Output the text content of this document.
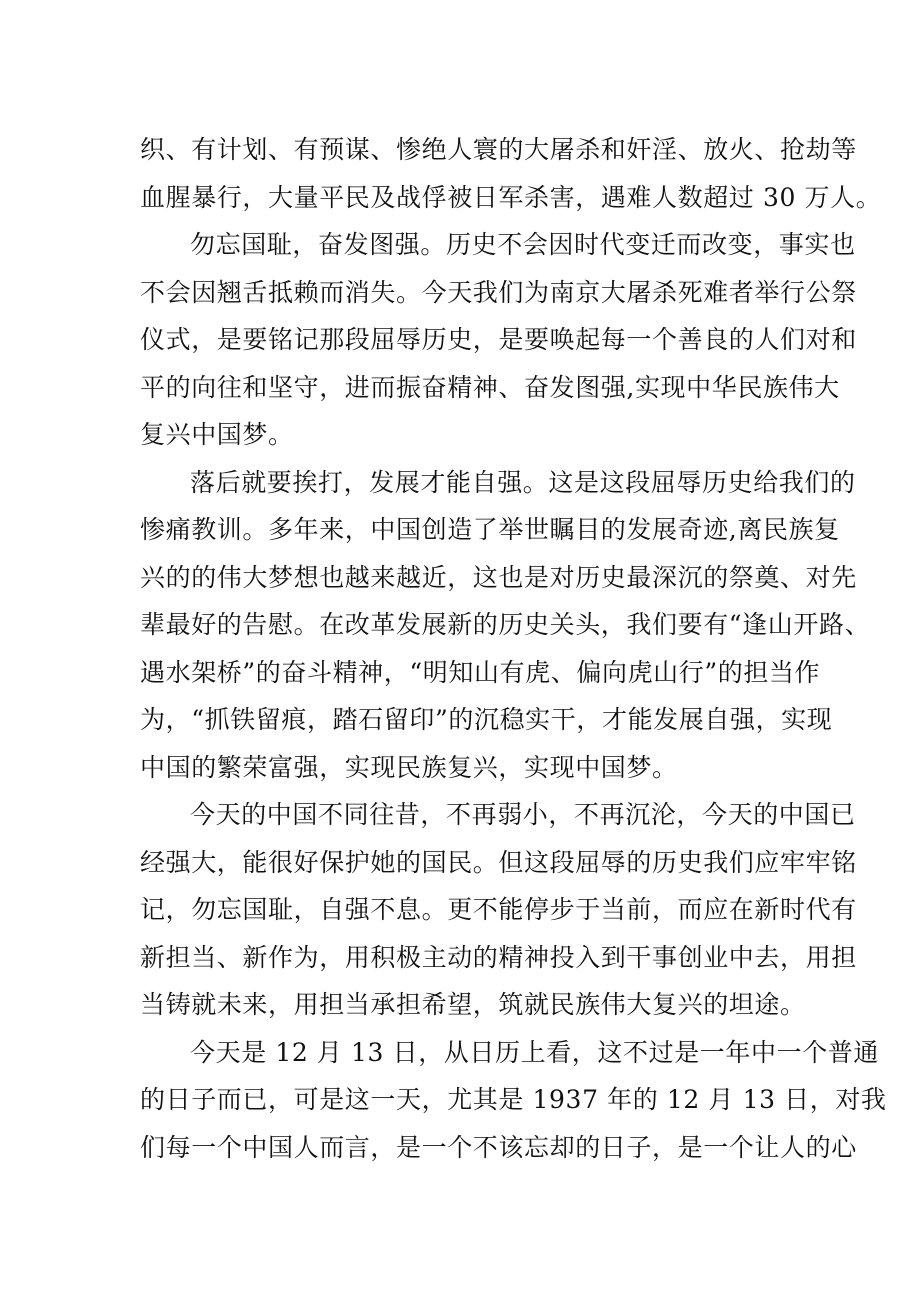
织、有计划、有预谋、惨绝人寰的大屠杀和奸淫、放火、抢劫等
血腥暴行，大量平民及战俘被日军杀害，遇难人数超过 30 万人。
勿忘国耻，奋发图强。历史不会因时代变迁而改变，事实也
不会因翘舌抵赖而消失。今天我们为南京大屠杀死难者举行公祭
仪式，是要铭记那段屈辱历史，是要唤起每一个善良的人们对和
平的向往和坚守，进而振奋精神、奋发图强,实现中华民族伟大
复兴中国梦。
落后就要挨打，发展才能自强。这是这段屈辱历史给我们的
惨痛教训。多年来，中国创造了举世瞩目的发展奇迹,离民族复
兴的的伟大梦想也越来越近，这也是对历史最深沉的祭奠、对先
辈最好的告慰。在改革发展新的历史关头，我们要有“逢山开路、
遇水架桥”的奋斗精神，“明知山有虎、偏向虎山行”的担当作
为，“抓铁留痕，踏石留印”的沉稳实干，才能发展自强，实现
中国的繁荣富强，实现民族复兴，实现中国梦。
今天的中国不同往昔，不再弱小，不再沉沦，今天的中国已
经强大，能很好保护她的国民。但这段屈辱的历史我们应牢牢铭
记，勿忘国耻，自强不息。更不能停步于当前，而应在新时代有
新担当、新作为，用积极主动的精神投入到干事创业中去，用担
当铸就未来，用担当承担希望，筑就民族伟大复兴的坦途。
今天是 12 月 13 日，从日历上看，这不过是一年中一个普通
的日子而已，可是这一天，尤其是 1937 年的 12 月 13 日，对我
们每一个中国人而言，是一个不该忘却的日子，是一个让人的心
